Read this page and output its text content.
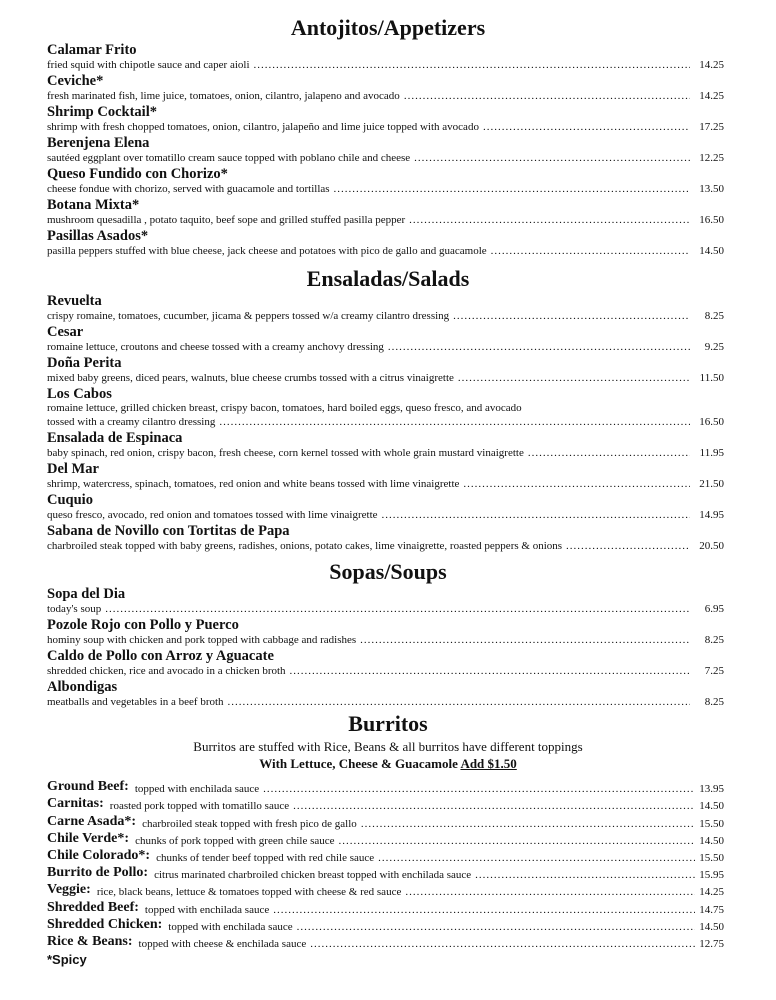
Antojitos/Appetizers
Calamar Frito
fried squid with chipotle sauce and caper aioli .....	14.25
Ceviche*
fresh marinated fish, lime juice, tomatoes, onion, cilantro, jalapeno and avocado .....	14.25
Shrimp Cocktail*
shrimp with fresh chopped tomatoes, onion, cilantro, jalapeño and lime juice topped with avocado .....	17.25
Berenjena Elena
sautéed eggplant over tomatillo cream sauce topped with poblano chile and cheese .....	12.25
Queso Fundido con Chorizo*
cheese fondue with chorizo, served with guacamole and tortillas .....	13.50
Botana Mixta*
mushroom quesadilla , potato taquito, beef sope and grilled stuffed pasilla pepper .....	16.50
Pasillas Asados*
pasilla peppers stuffed with blue cheese, jack cheese and potatoes with pico de gallo and guacamole .....	14.50
Ensaladas/Salads
Revuelta
crispy romaine, tomatoes, cucumber, jicama & peppers tossed w/a creamy cilantro dressing .....	8.25
Cesar
romaine lettuce, croutons and cheese tossed with a creamy anchovy dressing .....	9.25
Doña Perita
mixed baby greens, diced pears, walnuts, blue cheese crumbs tossed with a citrus vinaigrette .....	11.50
Los Cabos
romaine lettuce, grilled chicken breast, crispy bacon, tomatoes, hard boiled eggs, queso fresco, and avocado
tossed with a creamy cilantro dressing .....	16.50
Ensalada de Espinaca
baby spinach, red onion, crispy bacon, fresh cheese, corn kernel tossed with whole grain mustard vinaigrette .....	11.95
Del Mar
shrimp, watercress, spinach, tomatoes, red onion and white beans tossed with lime vinaigrette .....	21.50
Cuquio
queso fresco, avocado, red onion and tomatoes tossed with lime vinaigrette .....	14.95
Sabana de Novillo con Tortitas de Papa
charbroiled steak topped with baby greens, radishes, onions, potato cakes, lime vinaigrette, roasted peppers & onions .....	20.50
Sopas/Soups
Sopa del Dia
today's soup .....	6.95
Pozole Rojo con Pollo y Puerco
hominy soup with chicken and pork topped with cabbage and radishes .....	8.25
Caldo de Pollo con Arroz y Aguacate
shredded chicken, rice and avocado in a chicken broth .....	7.25
Albondigas
meatballs and vegetables in a beef broth .....	8.25
Burritos
Burritos are stuffed with Rice, Beans & all burritos have different toppings
With Lettuce, Cheese & Guacamole Add $1.50
Ground Beef: topped with enchilada sauce .....	13.95
Carnitas: roasted pork topped with tomatillo sauce .....	14.50
Carne Asada*: charbroiled steak topped with fresh pico de gallo .....	15.50
Chile Verde*: chunks of pork topped with green chile sauce .....	14.50
Chile Colorado*: chunks of tender beef topped with red chile sauce .....	15.50
Burrito de Pollo: citrus marinated charbroiled chicken breast topped with enchilada sauce .....	15.95
Veggie: rice, black beans, lettuce & tomatoes topped with cheese & red sauce .....	14.25
Shredded Beef: topped with enchilada sauce .....	14.75
Shredded Chicken: topped with enchilada sauce .....	14.50
Rice & Beans: topped with cheese & enchilada sauce .....	12.75
*Spicy
